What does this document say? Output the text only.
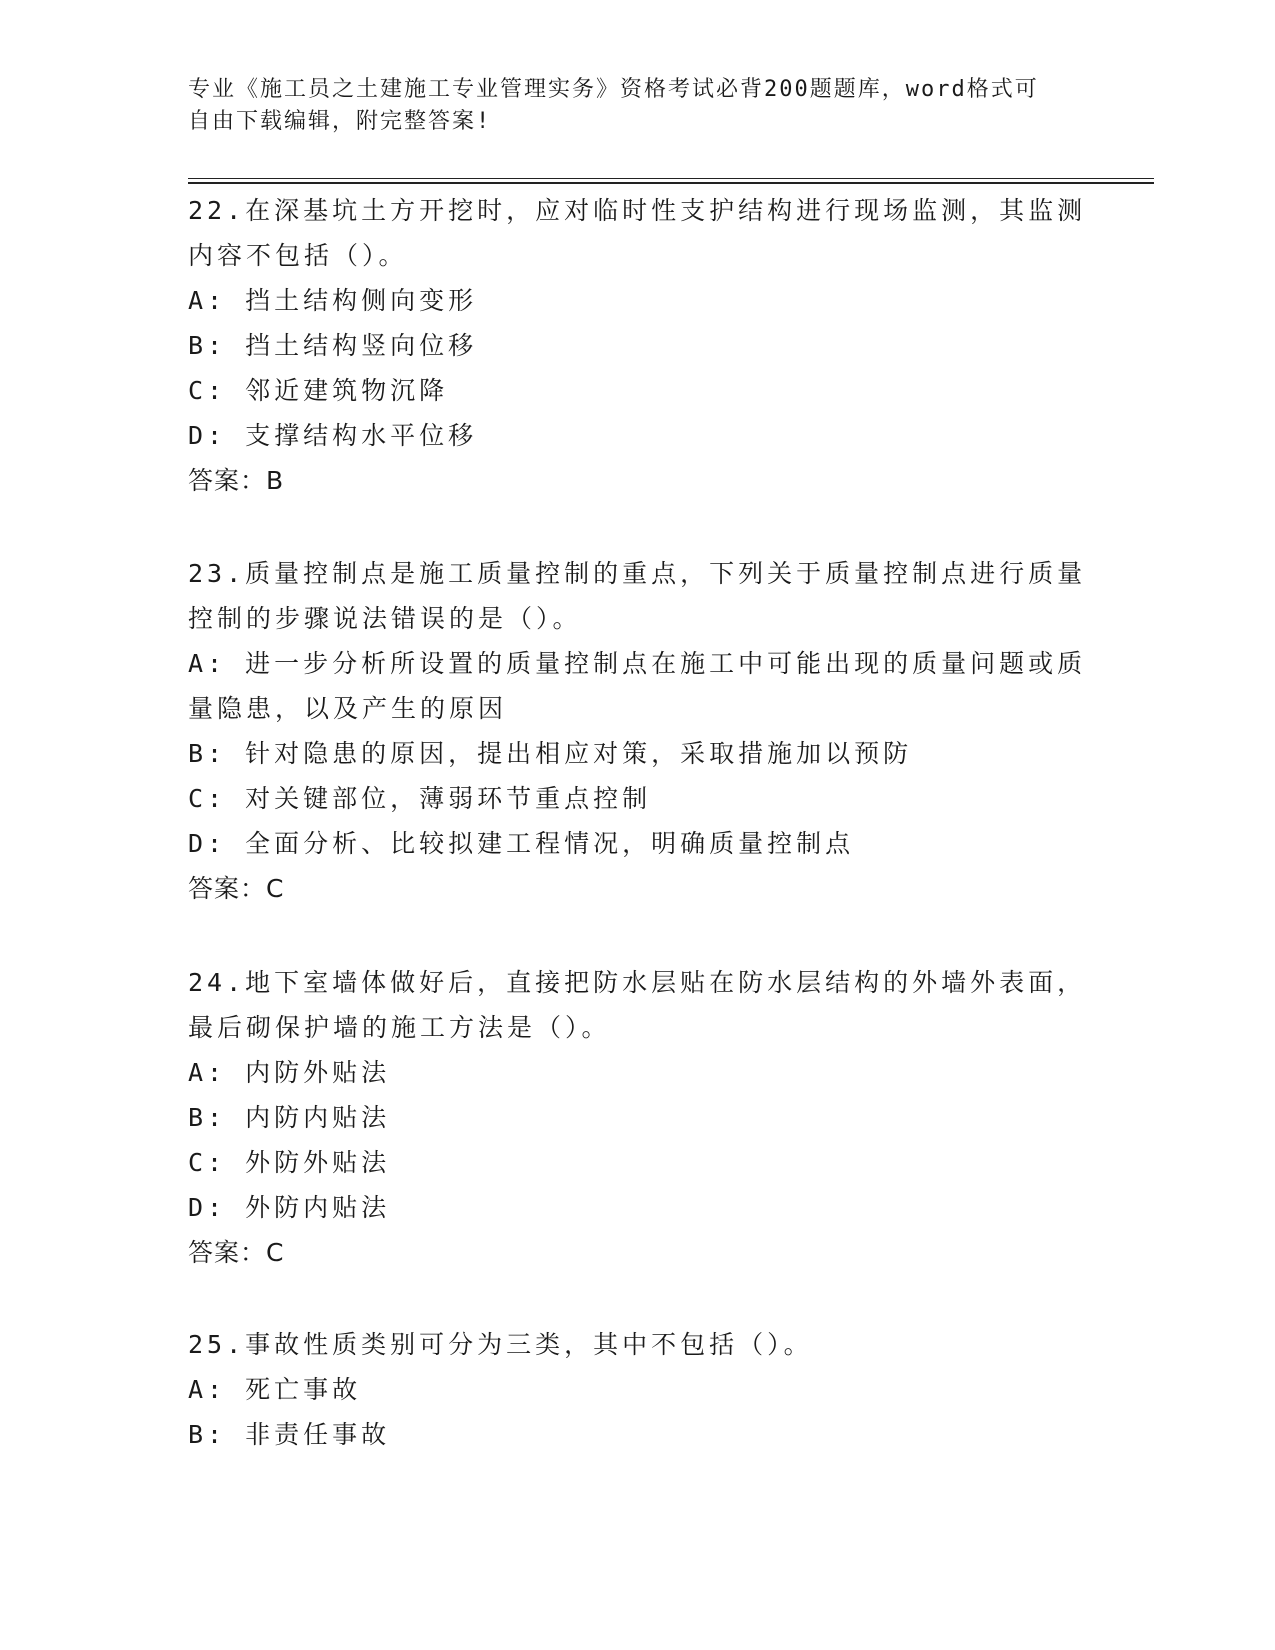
专业《施工员之土建施工专业管理实务》资格考试必背200题题库，word格式可
自由下载编辑，附完整答案!
22.在深基坑土方开挖时，应对临时性支护结构进行现场监测，其监测
内容不包括（）。
A: 挡土结构侧向变形
B: 挡土结构竖向位移
C: 邻近建筑物沉降
D: 支撑结构水平位移
答案：B
23.质量控制点是施工质量控制的重点，下列关于质量控制点进行质量
控制的步骤说法错误的是（）。
A: 进一步分析所设置的质量控制点在施工中可能出现的质量问题或质
量隐患，以及产生的原因
B: 针对隐患的原因，提出相应对策，采取措施加以预防
C: 对关键部位，薄弱环节重点控制
D: 全面分析、比较拟建工程情况，明确质量控制点
答案：C
24.地下室墙体做好后，直接把防水层贴在防水层结构的外墙外表面，
最后砌保护墙的施工方法是（）。
A: 内防外贴法
B: 内防内贴法
C: 外防外贴法
D: 外防内贴法
答案：C
25.事故性质类别可分为三类，其中不包括（）。
A: 死亡事故
B: 非责任事故
